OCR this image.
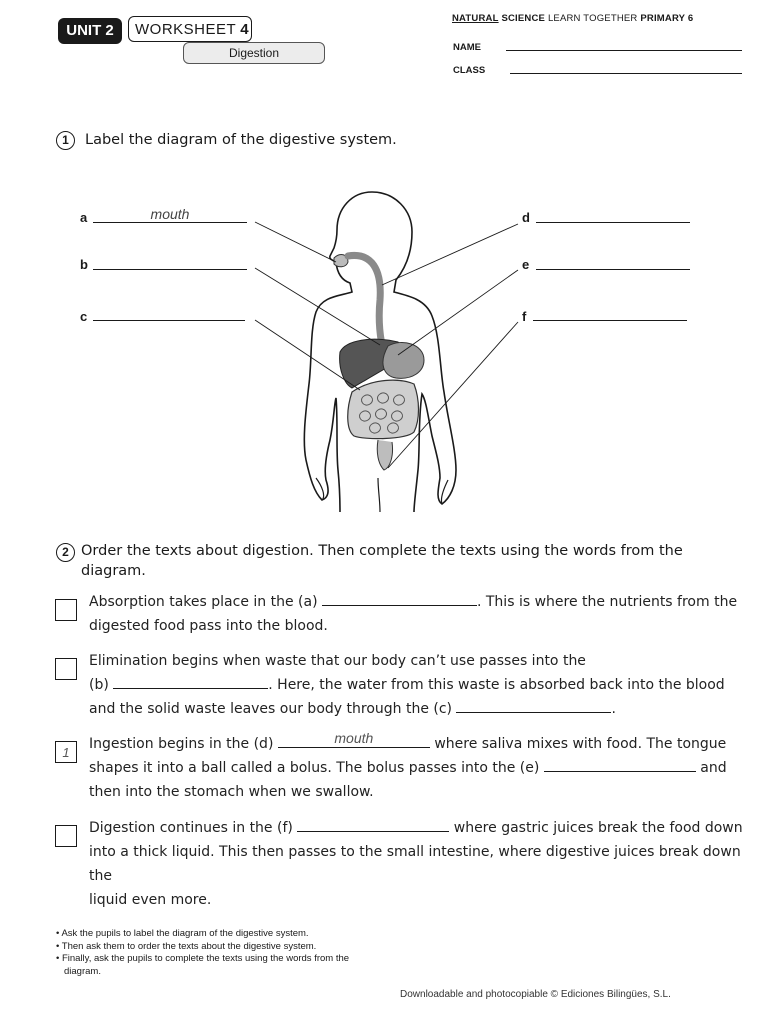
UNIT 2	WORKSHEET 4
Digestion
NATURAL SCIENCE LEARN TOGETHER PRIMARY 6
NAME
CLASS
1	Label the diagram of the digestive system.
a	mouth
b
c
d
e
f
2 Order the texts about digestion. Then complete the texts using the words from the
diagram.
Absorption takes place in the (a)	. This is where the nutrients from the
digested food pass into the blood.
Elimination begins when waste that our body can’t use passes into the
(b)	. Here, the water from this waste is absorbed back into the blood
and the solid waste leaves our body through the (c)	.
1
Ingestion begins in the (d)	mouth	where saliva mixes with food. The tongue
shapes it into a ball called a bolus. The bolus passes into the (e)	and
then into the stomach when we swallow.
Digestion continues in the (f)	where gastric juices break the food down
into a thick liquid. This then passes to the small intestine, where digestive juices break down the
liquid even more.
• Ask the pupils to label the diagram of the digestive system.
• Then ask them to order the texts about the digestive system.
• Finally, ask the pupils to complete the texts using the words from the diagram.
Downloadable and photocopiable © Ediciones Bilingües, S.L.
